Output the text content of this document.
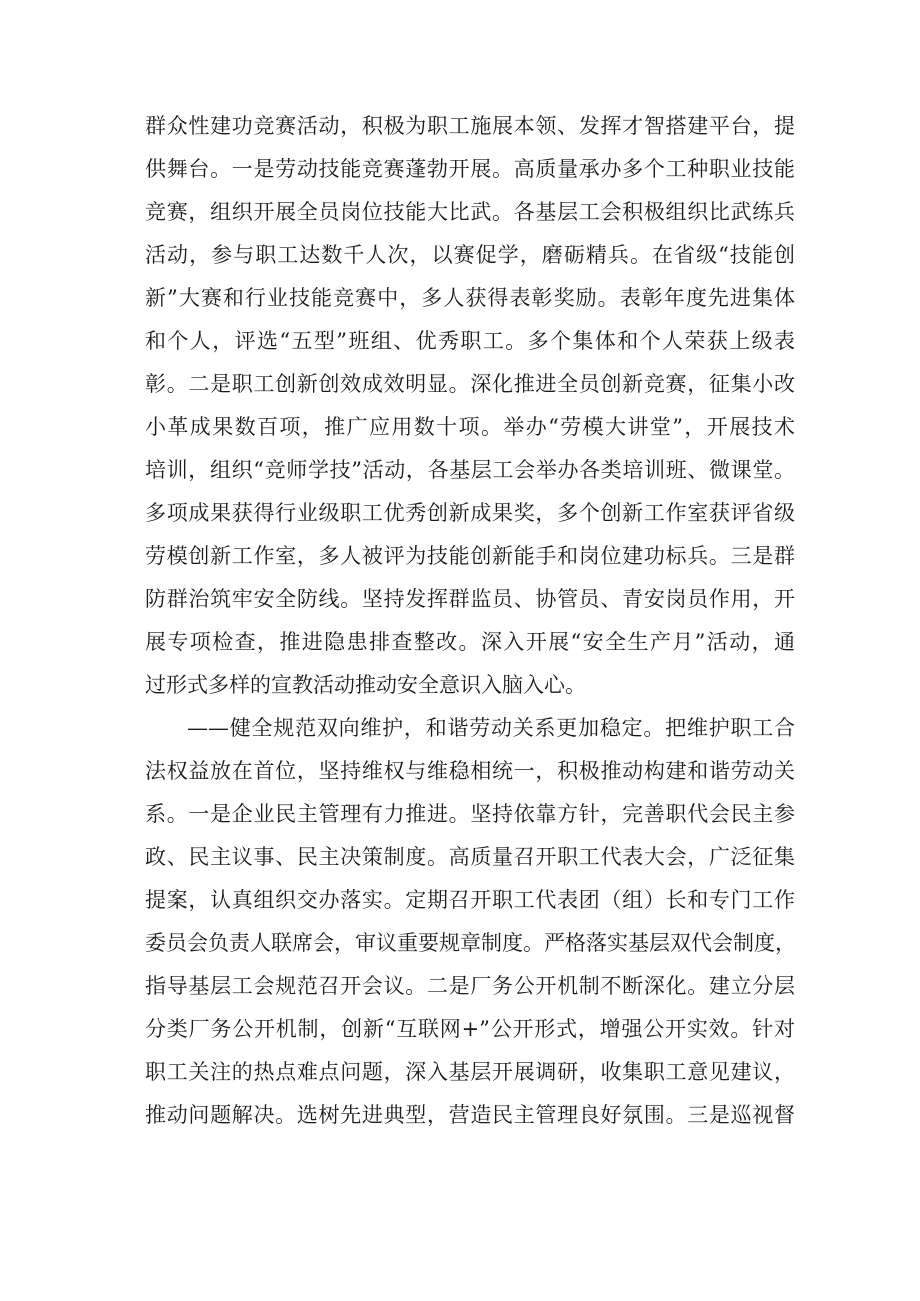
群众性建功竞赛活动，积极为职工施展本领、发挥才智搭建平台，提
供舞台。一是劳动技能竞赛蓬勃开展。高质量承办多个工种职业技能
竞赛，组织开展全员岗位技能大比武。各基层工会积极组织比武练兵
活动，参与职工达数千人次，以赛促学，磨砺精兵。在省级“技能创
新”大赛和行业技能竞赛中，多人获得表彰奖励。表彰年度先进集体
和个人，评选“五型”班组、优秀职工。多个集体和个人荣获上级表
彰。二是职工创新创效成效明显。深化推进全员创新竞赛，征集小改
小革成果数百项，推广应用数十项。举办“劳模大讲堂”，开展技术
培训，组织“竞师学技”活动，各基层工会举办各类培训班、微课堂。
多项成果获得行业级职工优秀创新成果奖，多个创新工作室获评省级
劳模创新工作室，多人被评为技能创新能手和岗位建功标兵。三是群
防群治筑牢安全防线。坚持发挥群监员、协管员、青安岗员作用，开
展专项检查，推进隐患排查整改。深入开展“安全生产月”活动，通
过形式多样的宣教活动推动安全意识入脑入心。
——健全规范双向维护，和谐劳动关系更加稳定。把维护职工合
法权益放在首位，坚持维权与维稳相统一，积极推动构建和谐劳动关
系。一是企业民主管理有力推进。坚持依靠方针，完善职代会民主参
政、民主议事、民主决策制度。高质量召开职工代表大会，广泛征集
提案，认真组织交办落实。定期召开职工代表团（组）长和专门工作
委员会负责人联席会，审议重要规章制度。严格落实基层双代会制度，
指导基层工会规范召开会议。二是厂务公开机制不断深化。建立分层
分类厂务公开机制，创新“互联网+”公开形式，增强公开实效。针对
职工关注的热点难点问题，深入基层开展调研，收集职工意见建议，
推动问题解决。选树先进典型，营造民主管理良好氛围。三是巡视督
